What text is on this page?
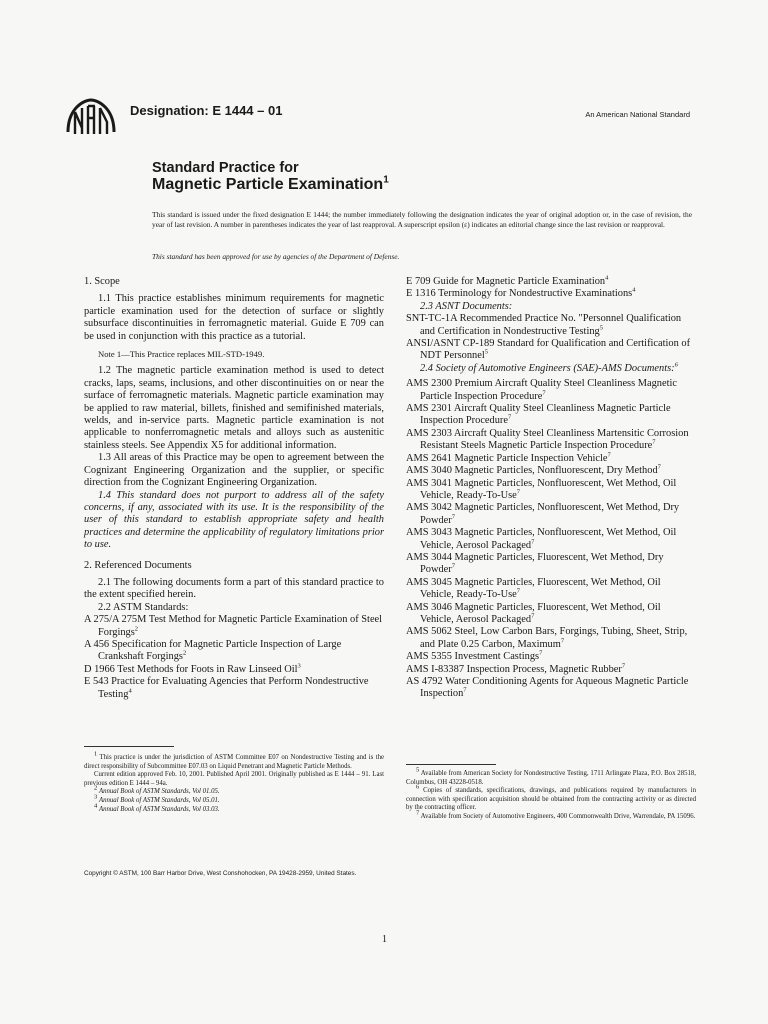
Designation: E 1444 – 01	An American National Standard
Standard Practice for
Magnetic Particle Examination$^1$
This standard is issued under the fixed designation E 1444; the number immediately following the designation indicates the year of original adoption or, in the case of revision, the year of last revision. A number in parentheses indicates the year of last reapproval. A superscript epsilon (ε) indicates an editorial change since the last revision or reapproval.
This standard has been approved for use by agencies of the Department of Defense.

1. Scope

1.1 This practice establishes minimum requirements for magnetic particle examination used for the detection of surface or slightly subsurface discontinuities in ferromagnetic material. Guide E 709 can be used in conjunction with this practice as a tutorial.

Note 1—This Practice replaces MIL-STD-1949.

1.2 The magnetic particle examination method is used to detect cracks, laps, seams, inclusions, and other discontinuities on or near the surface of ferromagnetic materials. Magnetic particle examination may be applied to raw material, billets, finished and semifinished materials, welds, and in-service parts. Magnetic particle examination is not applicable to nonferromagnetic metals and alloys such as austenitic stainless steels. See Appendix X5 for additional information.

1.3 All areas of this Practice may be open to agreement between the Cognizant Engineering Organization and the supplier, or specific direction from the Cognizant Engineering Organization.

1.4 This standard does not purport to address all of the safety concerns, if any, associated with its use. It is the responsibility of the user of this standard to establish appropriate safety and health practices and determine the applicability of regulatory limitations prior to use.

2. Referenced Documents

2.1 The following documents form a part of this standard practice to the extent specified herein.

2.2 ASTM Standards:

A 275/A 275M Test Method for Magnetic Particle Examination of Steel Forgings$^2$

A 456 Specification for Magnetic Particle Inspection of Large Crankshaft Forgings$^2$

D 1966 Test Methods for Foots in Raw Linseed Oil$^3$

E 543 Practice for Evaluating Agencies that Perform Nondestructive Testing$^4$

E 709 Guide for Magnetic Particle Examination$^4$

E 1316 Terminology for Nondestructive Examinations$^4$

2.3 ASNT Documents:

SNT-TC-1A Recommended Practice No. "Personnel Qualification and Certification in Nondestructive Testing$^5$

ANSI/ASNT CP-189 Standard for Qualification and Certification of NDT Personnel$^5$

2.4 Society of Automotive Engineers (SAE)-AMS Documents:$^6$

AMS 2300 Premium Aircraft Quality Steel Cleanliness Magnetic Particle Inspection Procedure$^7$

AMS 2301 Aircraft Quality Steel Cleanliness Magnetic Particle Inspection Procedure$^7$

AMS 2303 Aircraft Quality Steel Cleanliness Martensitic Corrosion Resistant Steels Magnetic Particle Inspection Procedure$^7$

AMS 2641 Magnetic Particle Inspection Vehicle$^7$

AMS 3040 Magnetic Particles, Nonfluorescent, Dry Method$^7$

AMS 3041 Magnetic Particles, Nonfluorescent, Wet Method, Oil Vehicle, Ready-To-Use$^7$

AMS 3042 Magnetic Particles, Nonfluorescent, Wet Method, Dry Powder$^7$

AMS 3043 Magnetic Particles, Nonfluorescent, Wet Method, Oil Vehicle, Aerosol Packaged$^7$

AMS 3044 Magnetic Particles, Fluorescent, Wet Method, Dry Powder$^7$

AMS 3045 Magnetic Particles, Fluorescent, Wet Method, Oil Vehicle, Ready-To-Use$^7$

AMS 3046 Magnetic Particles, Fluorescent, Wet Method, Oil Vehicle, Aerosol Packaged$^7$

AMS 5062 Steel, Low Carbon Bars, Forgings, Tubing, Sheet, Strip, and Plate 0.25 Carbon, Maximum$^7$

AMS 5355 Investment Castings$^7$

AMS I-83387 Inspection Process, Magnetic Rubber$^7$

AS 4792 Water Conditioning Agents for Aqueous Magnetic Particle Inspection$^7$

$^1$ This practice is under the jurisdiction of ASTM Committee E07 on Nondestructive Testing and is the direct responsibility of Subcommittee E07.03 on Liquid Penetrant and Magnetic Particle Methods.

Current edition approved Feb. 10, 2001. Published April 2001. Originally published as E 1444 – 91. Last previous edition E 1444 – 94a.

$^2$ Annual Book of ASTM Standards, Vol 01.05.

$^3$ Annual Book of ASTM Standards, Vol 05.01.

$^4$ Annual Book of ASTM Standards, Vol 03.03.

$^5$ Available from American Society for Nondestructive Testing, 1711 Arlingate Plaza, P.O. Box 28518, Columbus, OH 43228-0518.

$^6$ Copies of standards, specifications, drawings, and publications required by manufacturers in connection with specification acquisition should be obtained from the contracting activity or as directed by the contracting officer.

$^7$ Available from Society of Automotive Engineers, 400 Commonwealth Drive, Warrendale, PA 15096.

Copyright © ASTM, 100 Barr Harbor Drive, West Conshohocken, PA 19428-2959, United States.
1
